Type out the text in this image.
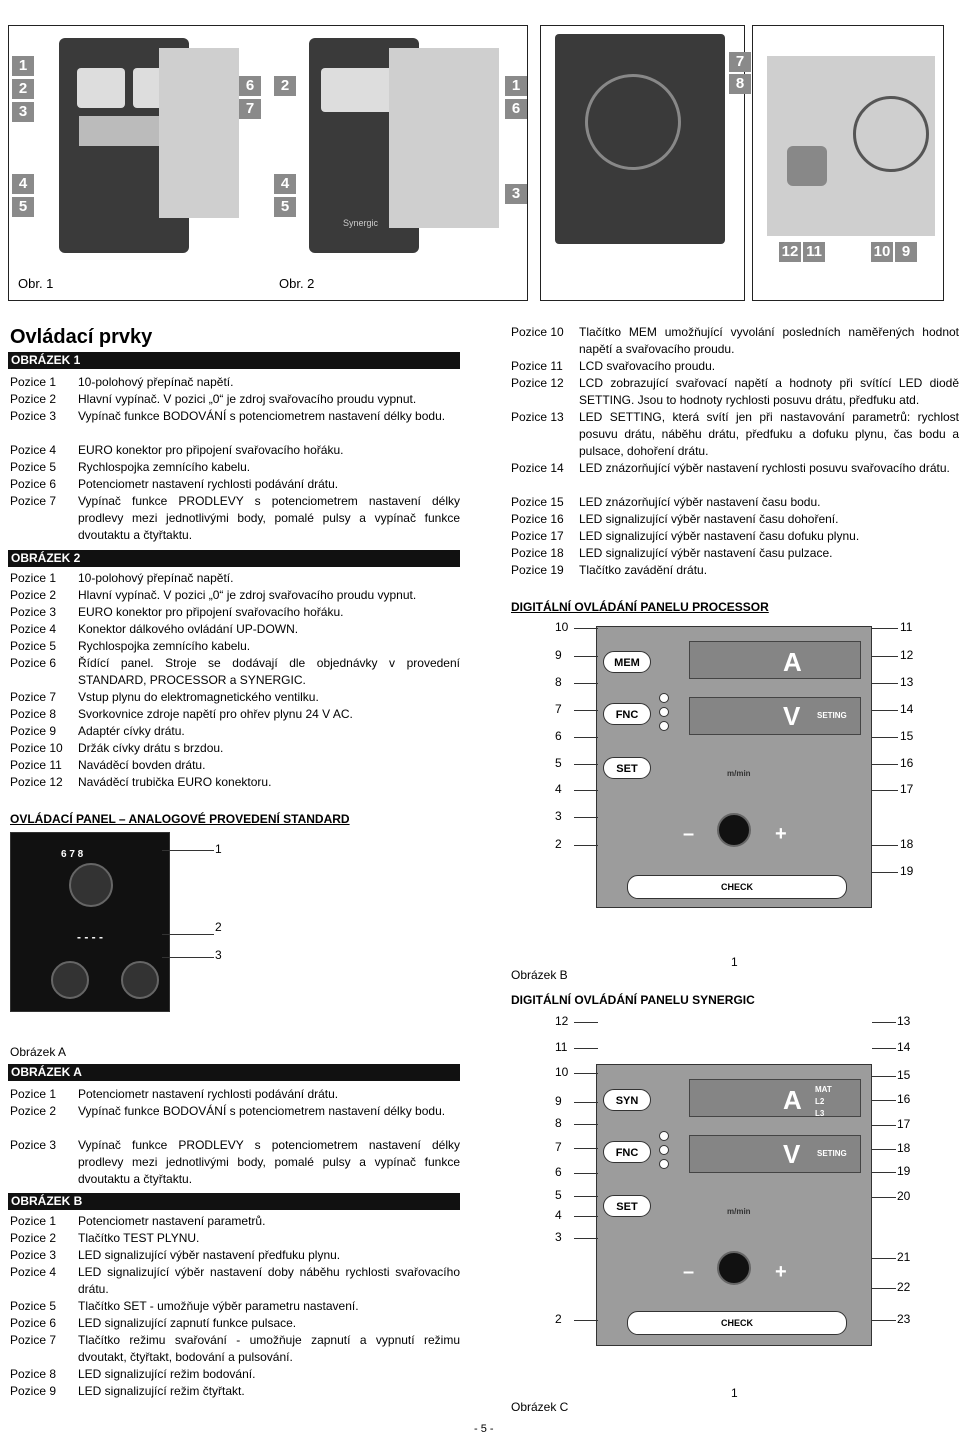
Synergic
1
2
3
4
5
6
7
2
4
5
1
6
3
Obr. 1	Obr. 2
7
8
12 11	10 9
Ovládací prvky
OBRÁZEK 1
Pozice 1	10-polohový přepínač napětí.
Pozice 2	Hlavní vypínač. V pozici „0“ je zdroj svařovacího proudu vypnut.
Pozice 3	Vypínač funkce BODOVÁNÍ s potenciometrem nastavení délky bodu.
Pozice 4	EURO konektor pro připojení svařovacího hořáku.
Pozice 5	Rychlospojka zemnícího kabelu.
Pozice 6	Potenciometr nastavení rychlosti podávání drátu.
Pozice 7	Vypínač funkce PRODLEVY s potenciometrem nastavení délky prodlevy mezi jednotlivými body, pomalé pulsy a vypínač funkce dvoutaktu a čtyřtaktu.
OBRÁZEK 2
Pozice 1	10-polohový přepínač napětí.
Pozice 2	Hlavní vypínač. V pozici „0“ je zdroj svařovacího proudu vypnut.
Pozice 3	EURO konektor pro připojení svařovacího hořáku.
Pozice 4	Konektor dálkového ovládání UP-DOWN.
Pozice 5	Rychlospojka zemnícího kabelu.
Pozice 6	Řídící panel. Stroje se dodávají dle objednávky v provedení STANDARD, PROCESSOR a SYNERGIC.
Pozice 7	Vstup plynu do elektromagnetického ventilku.
Pozice 8	Svorkovnice zdroje napětí pro ohřev plynu 24 V AC.
Pozice 9	Adaptér cívky drátu.
Pozice 10	Držák cívky drátu s brzdou.
Pozice 11	Naváděcí bovden drátu.
Pozice 12	Naváděcí trubička EURO konektoru.
OVLÁDACÍ PANEL – ANALOGOVÉ PROVEDENÍ STANDARD
6 7 8
- - - -
1
2
3
Obrázek A
OBRÁZEK A
Pozice 1	Potenciometr nastavení rychlosti podávání drátu.
Pozice 2	Vypínač funkce BODOVÁNÍ s potenciometrem nastavení délky bodu.
Pozice 3	Vypínač funkce PRODLEVY s potenciometrem nastavení délky prodlevy mezi jednotlivými body, pomalé pulsy a vypínač funkce dvoutaktu a čtyřtaktu.
OBRÁZEK B
Pozice 1	Potenciometr nastavení parametrů.
Pozice 2	Tlačítko TEST PLYNU.
Pozice 3	LED signalizující výběr nastavení předfuku plynu.
Pozice 4	LED signalizující výběr nastavení doby náběhu rychlosti svařovacího drátu.
Pozice 5	Tlačítko SET - umožňuje výběr parametru nastavení.
Pozice 6	LED signalizující zapnutí funkce pulsace.
Pozice 7	Tlačítko režimu svařování - umožňuje zapnutí a vypnutí režimu dvoutakt, čtyřtakt, bodování a pulsování.
Pozice 8	LED signalizující režim bodování.
Pozice 9	LED signalizující režim čtyřtakt.
Pozice 10	Tlačítko MEM umožňující vyvolání posledních naměřených hodnot napětí a svařovacího proudu.
Pozice 11	LCD svařovacího proudu.
Pozice 12	LCD zobrazující svařovací napětí a hodnoty při svítící LED diodě SETTING. Jsou to hodnoty rychlosti posuvu drátu, předfuku atd.
Pozice 13	LED SETTING, která svítí jen při nastavování parametrů: rychlost posuvu drátu, náběhu drátu, předfuku a dofuku plynu, čas bodu a pulsace, dohoření drátu.
Pozice 14	LED znázorňující výběr nastavení rychlosti posuvu svařovacího drátu.
Pozice 15	LED znázorňující výběr nastavení času bodu.
Pozice 16	LED signalizující výběr nastavení času dohoření.
Pozice 17	LED signalizující výběr nastavení času dofuku plynu.
Pozice 18	LED signalizující výběr nastavení času pulzace.
Pozice 19	Tlačítko zavádění drátu.
DIGITÁLNÍ OVLÁDÁNÍ PANELU PROCESSOR
A
V SETING
MEM
FNC
SET	m/min
–	+
CHECK
10
9
8
7
6
5
4
3
2
11
12
13
14
15
16
17
18
19
Obrázek B
1
DIGITÁLNÍ OVLÁDÁNÍ PANELU SYNERGIC
A MAT
L2
L3
V SETING
SYN
FNC
SET	m/min
–	+
CHECK
12
11
10
9
8
7
6
5
4
3
2
13
14
15
16
17
18
19
20
21
22
23
1
Obrázek C
- 5 -
